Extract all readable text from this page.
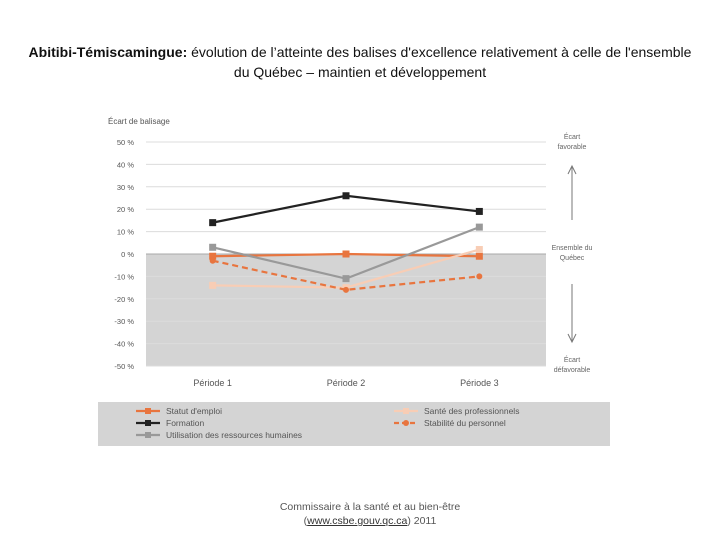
Abitibi-Témiscamingue: évolution de l’atteinte des balises d'excellence relativement à celle de l'ensemble du Québec – maintien et développement
50 %
40 %
30 %
20 %
10 %
0 %
-10 %
-20 %
-30 %
-40 %
-50 %
Écart de balisage
Période 1	Période 2	Période 3
Écart
favorable
Ensemble du
Québec
Écart
défavorable
Statut d'emploi
Formation
Utilisation des ressources humaines
Santé des professionnels
Stabilité du personnel
Commissaire à la santé et au bien-être
(www.csbe.gouv.qc.ca) 2011
